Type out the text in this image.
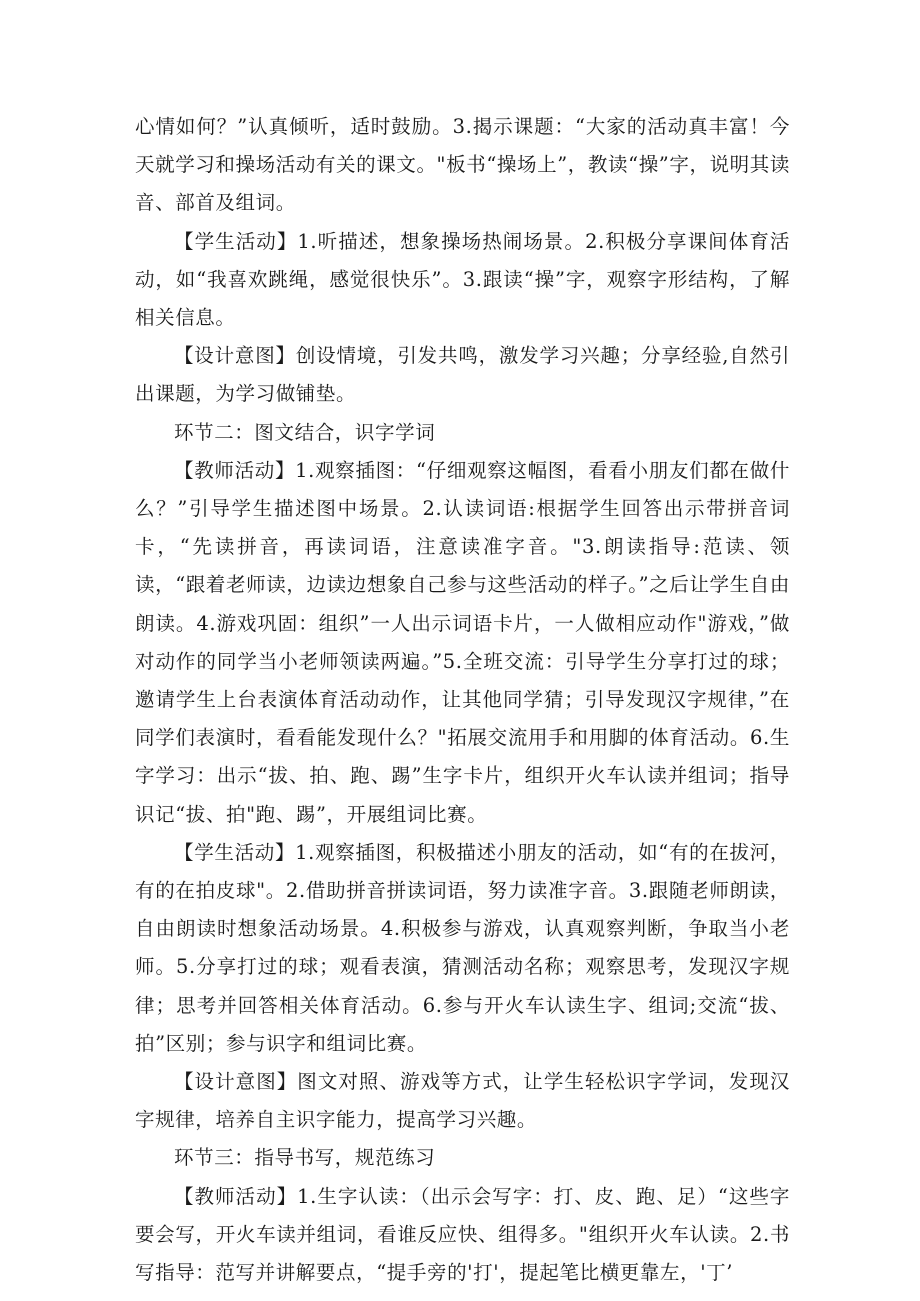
心情如何？”认真倾听，适时鼓励。3.揭示课题：“大家的活动真丰富！今天就学习和操场活动有关的课文。"板书“操场上”，教读“操”字，说明其读音、部首及组词。

【学生活动】1.听描述，想象操场热闹场景。2.积极分享课间体育活动，如“我喜欢跳绳，感觉很快乐”。3.跟读“操”字，观察字形结构，了解相关信息。

【设计意图】创设情境，引发共鸣，激发学习兴趣；分享经验,自然引出课题，为学习做铺垫。

环节二：图文结合，识字学词

【教师活动】1.观察插图：“仔细观察这幅图，看看小朋友们都在做什么？”引导学生描述图中场景。2.认读词语:根据学生回答出示带拼音词卡，“先读拼音，再读词语，注意读准字音。"3.朗读指导:范读、领读，“跟着老师读，边读边想象自己参与这些活动的样子。”之后让学生自由朗读。4.游戏巩固：组织”一人出示词语卡片，一人做相应动作"游戏，”做对动作的同学当小老师领读两遍。”5.全班交流：引导学生分享打过的球；邀请学生上台表演体育活动动作，让其他同学猜；引导发现汉字规律，”在同学们表演时，看看能发现什么？"拓展交流用手和用脚的体育活动。6.生字学习：出示“拔、拍、跑、踢”生字卡片，组织开火车认读并组词；指导识记“拔、拍"跑、踢”，开展组词比赛。

【学生活动】1.观察插图，积极描述小朋友的活动，如“有的在拔河，有的在拍皮球"。2.借助拼音拼读词语，努力读准字音。3.跟随老师朗读，自由朗读时想象活动场景。4.积极参与游戏，认真观察判断，争取当小老师。5.分享打过的球；观看表演，猜测活动名称；观察思考，发现汉字规律；思考并回答相关体育活动。6.参与开火车认读生字、组词;交流“拔、拍”区别；参与识字和组词比赛。

【设计意图】图文对照、游戏等方式，让学生轻松识字学词，发现汉字规律，培养自主识字能力，提高学习兴趣。

环节三：指导书写，规范练习

【教师活动】1.生字认读：（出示会写字：打、皮、跑、足）“这些字要会写，开火车读并组词，看谁反应快、组得多。"组织开火车认读。2.书写指导：范写并讲解要点，“提手旁的'打'，提起笔比横更靠左，'丁’
